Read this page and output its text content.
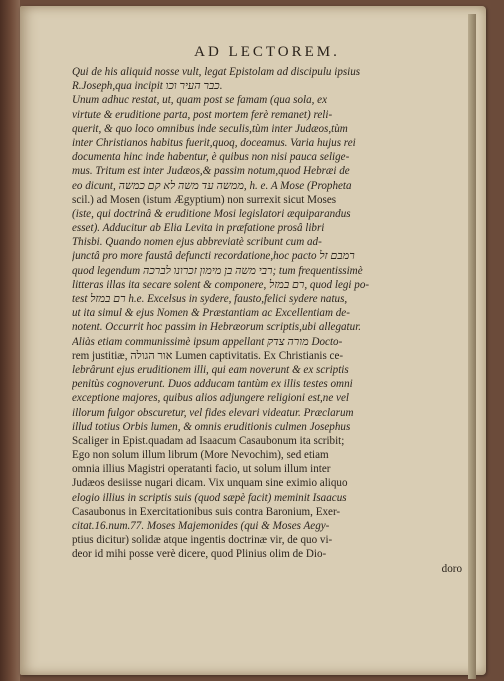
AD LECTOREM.
Qui de his aliquid nosse vult, legat Epistolam ad discipulu ipsius
R.Joseph,qua incipit ‫כבר העיר וכו‬.
Unum adhuc restat, ut, quam post se famam (qua sola, ex
virtute & eruditione parta, post mortem ferè remanet) reli-
querit, & quo loco omnibus inde seculis,tùm inter Judæos,tùm
inter Christianos habitus fuerit,quoq, doceamus. Varia hujus rei
documenta hinc inde habentur, è quibus non nisi pauca selige-
mus. Tritum est inter Judæos,& passim notum,quod Hebræi de
eo dicunt, ‫ממשה עד משה לא קם כמשה‬, h. e. A Mose (Propheta
scil.) ad Mosen (istum Ægyptium) non surrexit sicut Moses
(iste, qui doctrinâ & eruditione Mosi legislatori æquiparandus
esset). Adducitur ab Elia Levita in præfatione prosâ libri
Thisbi. Quando nomen ejus abbreviatè scribunt cum ad-
junctâ pro more faustâ defuncti recordatione,hoc pacto ‫רמבם זל‬
quod legendum ‫רבי משה בן מימון זכרונו לברכה‬; tum frequentissimè
litteras illas ita secare solent & componere, ‫רם במזל‬, quod legi po-
test ‫רם במזל‬ h.e. Excelsus in sydere, fausto,felici sydere natus,
ut ita simul & ejus Nomen & Præstantiam ac Excellentiam de-
notent. Occurrit hoc passim in Hebræorum scriptis,ubi allegatur.
Aliàs etiam communissimè ipsum appellant ‫מורה צדק‬ Docto-
rem justitiæ, ‫אור הגולה‬ Lumen captivitatis. Ex Christianis ce-
lebrârunt ejus eruditionem illi, qui eam noverunt & ex scriptis
penitùs cognoverunt. Duos adducam tantùm ex illis testes omni
exceptione majores, quibus alios adjungere religioni est,ne vel
illorum fulgor obscuretur, vel fides elevari videatur. Præclarum
illud totius Orbis lumen, & omnis eruditionis culmen Josephus
Scaliger in Epist.quadam ad Isaacum Casaubonum ita scribit;
Ego non solum illum librum (More Nevochim), sed etiam
omnia illius Magistri operatanti facio, ut solum illum inter
Judæos desiisse nugari dicam. Vix unquam sine eximio aliquo
elogio illius in scriptis suis (quod sæpè facit) meminit Isaacus
Casaubonus in Exercitationibus suis contra Baronium, Exer-
citat.16.num.77. Moses Majemonides (qui & Moses Aegy-
ptius dicitur) solidæ atque ingentis doctrinæ vir, de quo vi-
deor id mihi posse verè dicere, quod Plinius olim de Dio-
doro
